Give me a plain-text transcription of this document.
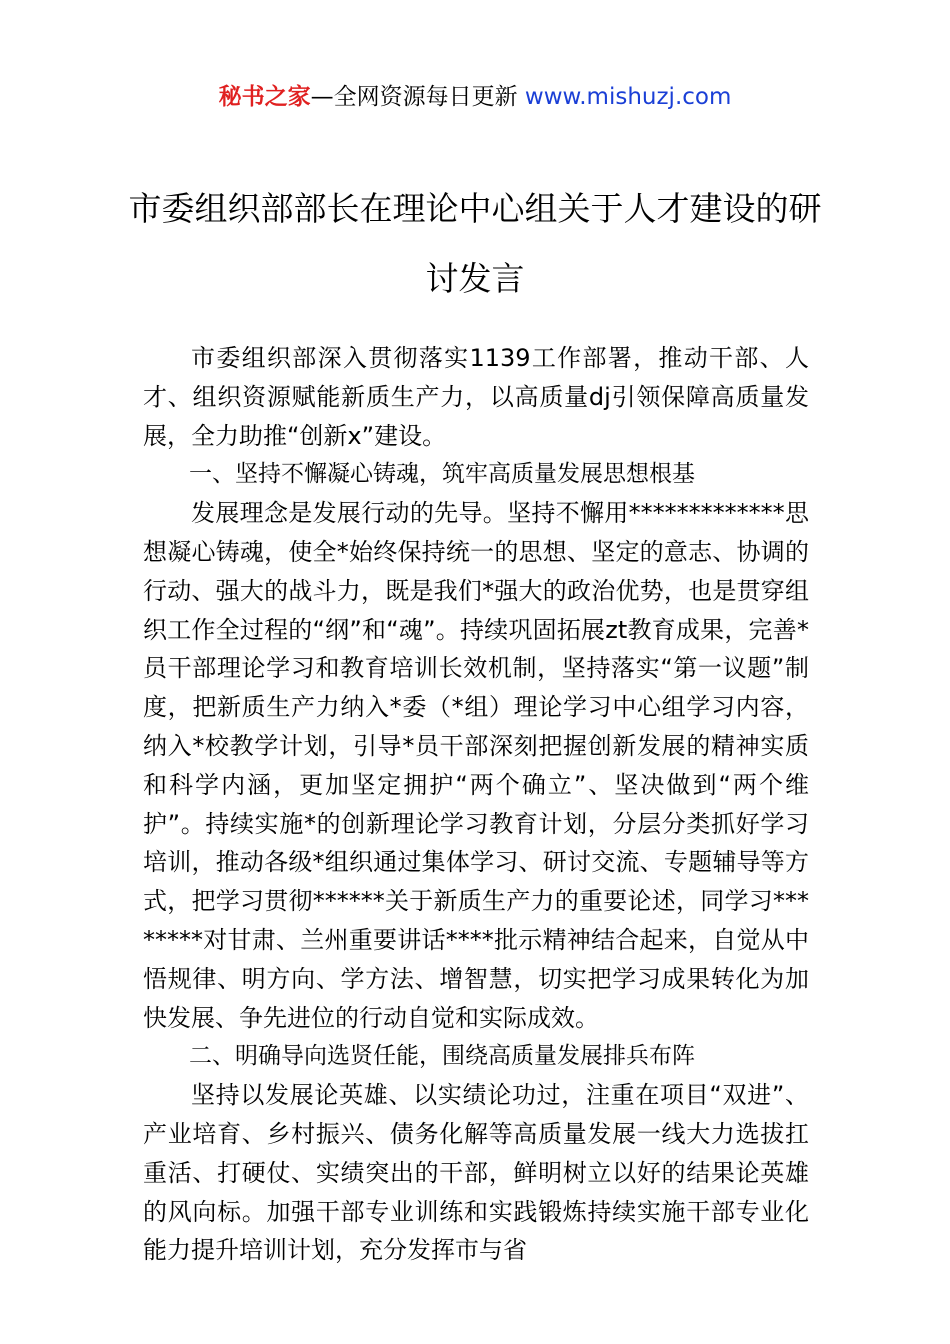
秘书之家—全网资源每日更新 www.mishuzj.com
市委组织部部长在理论中心组关于人才建设的研讨发言

市委组织部深入贯彻落实1139工作部署，推动干部、人才、组织资源赋能新质生产力，以高质量dj引领保障高质量发展，全力助推“创新x”建设。

一、坚持不懈凝心铸魂，筑牢高质量发展思想根基

发展理念是发展行动的先导。坚持不懈用*************思想凝心铸魂，使全*始终保持统一的思想、坚定的意志、协调的行动、强大的战斗力，既是我们*强大的政治优势，也是贯穿组织工作全过程的“纲”和“魂”。持续巩固拓展zt教育成果，完善*员干部理论学习和教育培训长效机制，坚持落实“第一议题”制度，把新质生产力纳入*委（*组）理论学习中心组学习内容，纳入*校教学计划，引导*员干部深刻把握创新发展的精神实质和科学内涵，更加坚定拥护“两个确立”、坚决做到“两个维护”。持续实施*的创新理论学习教育计划，分层分类抓好学习培训，推动各级*组织通过集体学习、研讨交流、专题辅导等方式，把学习贯彻******关于新质生产力的重要论述，同学习********对甘肃、兰州重要讲话****批示精神结合起来，自觉从中悟规律、明方向、学方法、增智慧，切实把学习成果转化为加快发展、争先进位的行动自觉和实际成效。

二、明确导向选贤任能，围绕高质量发展排兵布阵

坚持以发展论英雄、以实绩论功过，注重在项目“双进”、产业培育、乡村振兴、债务化解等高质量发展一线大力选拔扛重活、打硬仗、实绩突出的干部，鲜明树立以好的结果论英雄的风向标。加强干部专业训练和实践锻炼持续实施干部专业化能力提升培训计划，充分发挥市与省
